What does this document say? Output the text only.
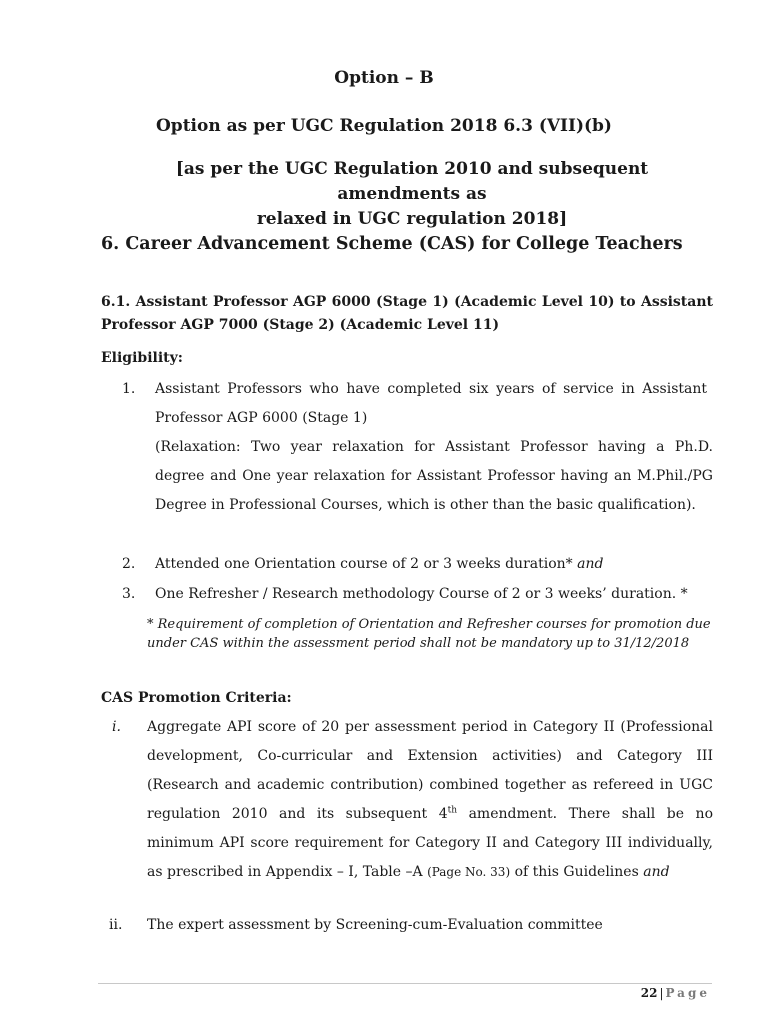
Option – B
Option as per UGC Regulation 2018 6.3 (VII)(b)
[as per the UGC Regulation 2010 and subsequent amendments as
relaxed in UGC regulation 2018]
6. Career Advancement Scheme (CAS) for College Teachers
6.1. Assistant Professor AGP 6000 (Stage 1) (Academic Level 10) to Assistant Professor AGP 7000 (Stage 2) (Academic Level 11)
Eligibility:
1. Assistant Professors who have completed six years of service in Assistant Professor AGP 6000 (Stage 1)
(Relaxation: Two year relaxation for Assistant Professor having a Ph.D. degree and One year relaxation for Assistant Professor having an M.Phil./PG Degree in Professional Courses, which is other than the basic qualification).
2. Attended one Orientation course of 2 or 3 weeks duration* and
3. One Refresher / Research methodology Course of 2 or 3 weeks’ duration. *
* Requirement of completion of Orientation and Refresher courses for promotion due under CAS within the assessment period shall not be mandatory up to 31/12/2018
CAS Promotion Criteria:
i. Aggregate API score of 20 per assessment period in Category II (Professional development, Co-curricular and Extension activities) and Category III (Research and academic contribution) combined together as refereed in UGC regulation 2010 and its subsequent 4th amendment. There shall be no minimum API score requirement for Category II and Category III individually, as prescribed in Appendix – I, Table –A (Page No. 33) of this Guidelines and
ii. The expert assessment by Screening-cum-Evaluation committee
22 | Page
